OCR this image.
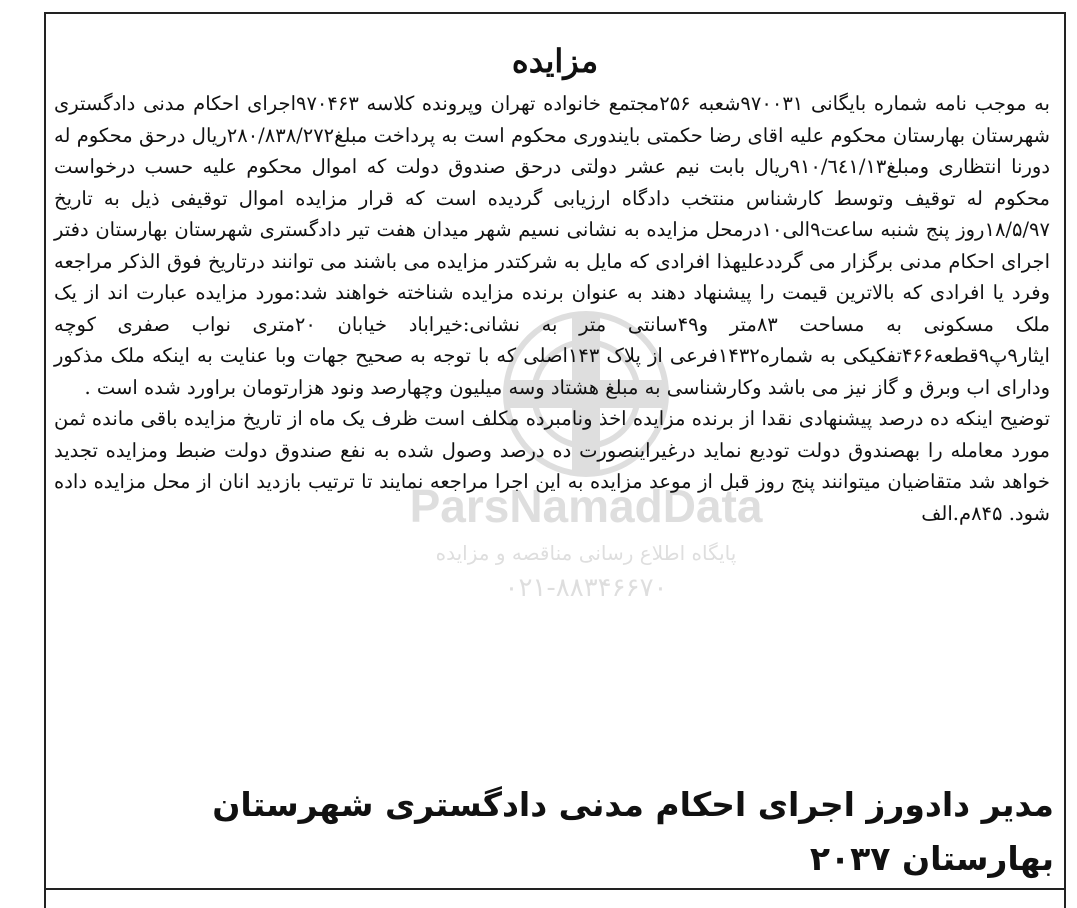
ParsNamadData
پایگاه اطلاع رسانی مناقصه و مزایده
۰۲۱-۸۸۳۴۶۶۷۰
مزایده

به موجب نامه شماره بایگانی ۹۷۰۰۳۱شعبه ۲۵۶مجتمع خانواده تهران وپرونده کلاسه ۹۷۰۴۶۳اجرای احکام مدنی دادگستری شهرستان بهارستان محکوم علیه اقای رضا حکمتی بایندوری محکوم است به پرداخت مبلغ۲۸۰/۸۳۸/۲۷۲ریال درحق محکوم له دورنا انتظاری ومبلغ۹۱۰/٦٤١/١٣ریال بابت نیم عشر دولتی درحق صندوق دولت که اموال محکوم علیه حسب درخواست محکوم له توقیف وتوسط کارشناس منتخب دادگاه ارزیابی گردیده است که قرار مزایده اموال توقیفی ذیل به تاریخ ۱۸/۵/۹۷روز پنج شنبه ساعت۹الی۱۰درمحل مزایده به نشانی نسیم شهر میدان هفت تیر دادگستری شهرستان بهارستان دفتر اجرای احکام مدنی برگزار می گرددعلیهذا افرادی که مایل به شرکتدر مزایده می باشند می توانند درتاریخ فوق الذکر مراجعه وفرد یا افرادی که بالاترین قیمت را پیشنهاد دهند به عنوان برنده مزایده شناخته خواهند شد:مورد مزایده عبارت اند از یک ملک مسکونی به مساحت ۸۳متر و۴۹سانتی متر به نشانی:خیراباد خیابان ۲۰متری نواب صفری کوچه ایثار۹پ۹قطعه۴۶۶تفکیکی به شماره۱۴۳۲فرعی از پلاک ۱۴۳اصلی که با توجه به صحیح جهات وبا عنایت به اینکه ملک مذکور ودارای اب وبرق و گاز نیز می باشد وکارشناسی به مبلغ هشتاد وسه میلیون وچهارصد ونود هزارتومان براورد شده است .

توضیح اینکه ده درصد پیشنهادی نقدا از برنده مزایده اخذ ونامبرده مکلف است ظرف یک ماه از تاریخ مزایده باقی مانده ثمن مورد معامله را بهصندوق دولت تودیع نماید درغیراینصورت ده درصد وصول شده به نفع صندوق دولت ضبط ومزایده تجدید خواهد شد متقاضیان میتوانند پنج روز قبل از موعد مزایده به این اجرا مراجعه نمایند تا ترتیب بازدید انان از محل مزایده داده شود. ۸۴۵م.الف

مدیر دادورز اجرای احکام مدنی دادگستری شهرستان بهارستان ۲۰۳۷
